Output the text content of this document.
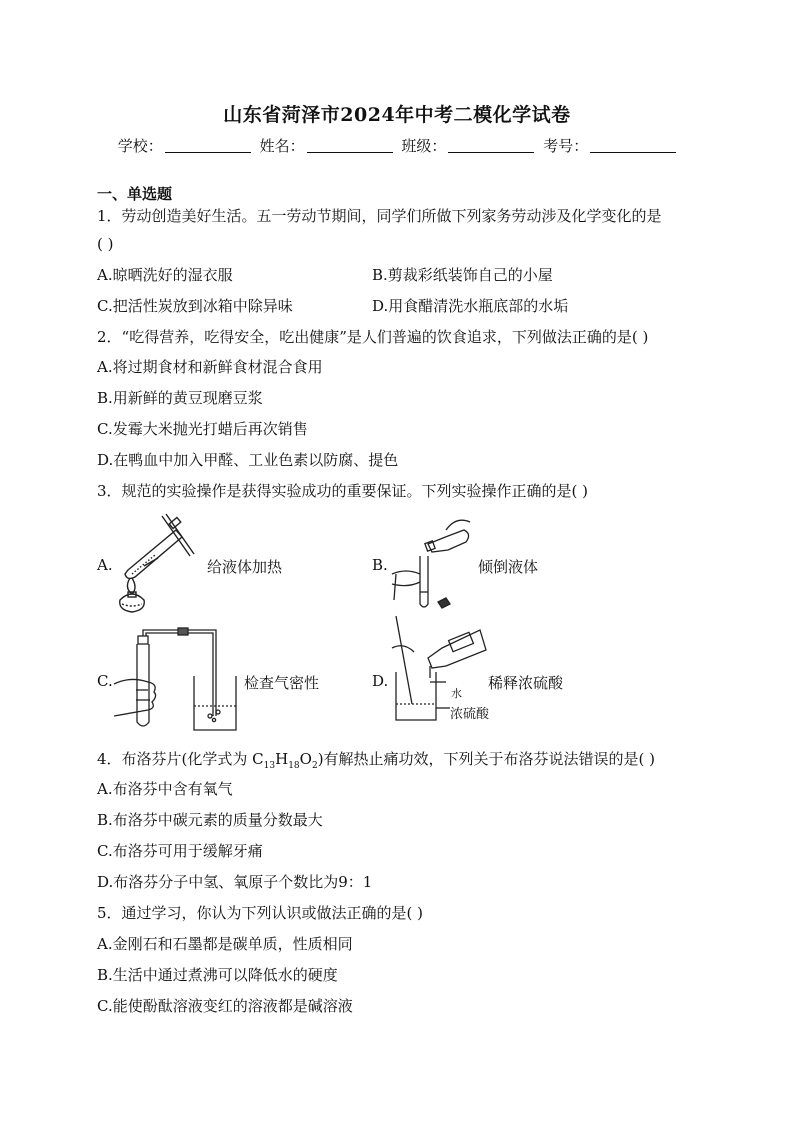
山东省菏泽市2024年中考二模化学试卷
学校：	姓名：	班级：	考号：
一、单选题
1．劳动创造美好生活。五一劳动节期间，同学们所做下列家务劳动涉及化学变化的是
( )
A.晾晒洗好的湿衣服	B.剪裁彩纸装饰自己的小屋
C.把活性炭放到冰箱中除异味	D.用食醋清洗水瓶底部的水垢
2．“吃得营养，吃得安全，吃出健康”是人们普遍的饮食追求，下列做法正确的是( )
A.将过期食材和新鲜食材混合食用
B.用新鲜的黄豆现磨豆浆
C.发霉大米抛光打蜡后再次销售
D.在鸭血中加入甲醛、工业色素以防腐、提色
3．规范的实验操作是获得实验成功的重要保证。下列实验操作正确的是( )
A.	给液体加热	B.	倾倒液体
C.	检查气密性	D.
水
浓硫酸
稀释浓硫酸
4．布洛芬片(化学式为 $C_{13}H_{18}O_2$)有解热止痛功效，下列关于布洛芬说法错误的是( )
A.布洛芬中含有氧气
B.布洛芬中碳元素的质量分数最大
C.布洛芬可用于缓解牙痛
D.布洛芬分子中氢、氧原子个数比为9：1
5．通过学习，你认为下列认识或做法正确的是( )
A.金刚石和石墨都是碳单质，性质相同
B.生活中通过煮沸可以降低水的硬度
C.能使酚酞溶液变红的溶液都是碱溶液
